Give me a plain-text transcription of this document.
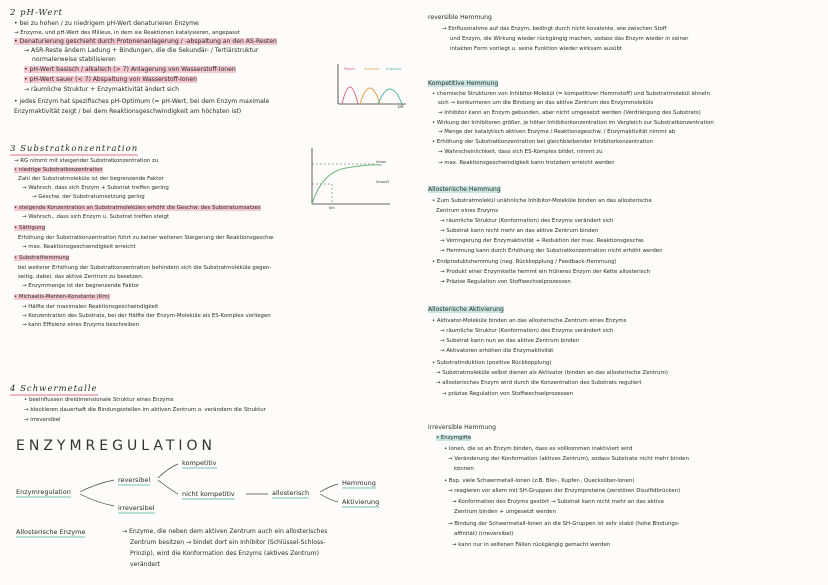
2 pH-Wert
• bei zu hohen / zu niedrigem pH-Wert denaturieren Enzyme
→ Enzyme, und pH-Wert des Milieus, in dem sie Reaktionen katalysieren, angepasst
• Denaturierung geschieht durch Protonenanlagerung / -abspaltung an den AS-Resten
→ ASR-Reste ändern Ladung + Bindungen, die die Sekundär- / Tertiärstruktur
normalerweise stabilisieren
• pH-Wert basisch / alkalisch (> 7) Anlagerung von Wasserstoff-Ionen
• pH-Wert sauer (< 7) Abspaltung von Wasserstoff-Ionen
→ räumliche Struktur + Enzymaktivität ändert sich
• jedes Enzym hat spezifisches pH-Optimum (= pH-Wert, bei dem Enzym maximale
Enzymaktivität zeigt / bei dem Reaktionsgeschwindigkeit am höchsten ist)
Pepsin Amylase Arginase
pH
3 Substratkonzentration
→ RG nimmt mit steigender Substratkonzentration zu
• niedrige Substratkonzentration
Zahl der Substratmoleküle ist der begrenzende Faktor
→ Wahrsch. dass sich Enzym + Substrat treffen gering
→ Geschw. der Substratumsetzung gering
• steigende Konzentration an Substratmolekülen erhöht die Geschw. des Substratumsatzes
→ Wahrsch., dass sich Enzym u. Substrat treffen steigt
• Sättigung
Erhöhung der Substratkonzentration führt zu keiner weiteren Steigerung der Reaktionsgeschw.
→ max. Reaktionsgeschwindigkeit erreicht
• Substrathemmung
bei weiterer Erhöhung der Substratkonzentration behindern sich die Substratmoleküle gegen-
seitig, dabei, das aktive Zentrum zu besetzen.
→ Enzymmenge ist der begrenzende Faktor
• Michaelis-Menten-Konstante (Km)
→ Hälfte der maximalen Reaktionsgeschwindigkeit
→ Konzentration des Substrats, bei der Hälfte der Enzym-Moleküle als ES-Komplex vorliegen
→ kann Effizienz eines Enzyms beschreiben
Vmax
Vmax/2
Km
4 Schwermetalle
• beeinflussen dreidimensionale Struktur eines Enzyms
→ blockieren dauerhaft die Bindungsstellen im aktiven Zentrum o. verändern die Struktur
→ irreversibel
ENZYMREGULATION
Enzymregulation
reversibel
irreversibel
kompetitiv
nicht kompetitiv	allosterisch
Hemmung
Aktivierung
Allosterische Enzyme	→ Enzyme, die neben dem aktiven Zentrum auch ein allosterisches
Zentrum besitzen → bindet dort ein Inhibitor (Schlüssel-Schloss-
Prinzip), wird die Konformation des Enzyms (aktives Zentrum)
verändert
reversible Hemmung
→ Einflussnahme auf das Enzym, bedingt durch nicht kovalente, wie zwischen Stoff
und Enzym, die Wirkung wieder rückgängig machen, sodass das Enzym wieder in seiner
intakten Form vorliegt u. seine Funktion wieder wirksam ausübt
Kompetitive Hemmung
• chemische Strukturen von Inhibitor-Molekül (= kompetitiver Hemmstoff) und Substratmolekül ähneln
sich → konkurrieren um die Bindung an das aktive Zentrum des Enzymmoleküls
→ Inhibitor kann an Enzym gebunden, aber nicht umgesetzt werden (Verdrängung des Substrats)
• Wirkung der Inhibitoren größer, je höher Inhibitorkonzentration im Vergleich zur Substratkonzentration
→ Menge der katalytisch aktiven Enzyme / Reaktionsgeschw. / Enzymaktivität nimmt ab
• Erhöhung der Substratkonzentration bei gleichbleibender Inhibitorkonzentration
→ Wahrscheinlichkeit, dass sich ES-Komplex bildet, nimmt zu
→ max. Reaktionsgeschwindigkeit kann trotzdem erreicht werden
Allosterische Hemmung
• Zum Substratmolekül unähnliche Inhibitor-Moleküle binden an das allosterische
Zentrum eines Enzyms
→ räumliche Struktur (Konformation) des Enzyms verändert sich
→ Substrat kann nicht mehr an das aktive Zentrum binden
→ Verringerung der Enzymaktivität + Reduktion der max. Reaktionsgeschw.
→ Hemmung kann durch Erhöhung der Substratkonzentration nicht erhöht werden
• Endproduktshemmung (neg. Rückkopplung / Feedback-Hemmung)
→ Produkt einer Enzymkette hemmt ein früheres Enzym der Kette allosterisch
→ Präzise Regulation von Stoffwechselprozessen
Allosterische Aktivierung
• Aktivator-Moleküle binden an das allosterische Zentrum eines Enzyms
→ räumliche Struktur (Konformation) des Enzyms verändert sich
→ Substrat kann nun an das aktive Zentrum binden
→ Aktivatoren erhöhen die Enzymaktivität
• Substratinduktion (positive Rückkopplung)
→ Substratmoleküle selbst dienen als Aktivator (binden an das allosterische Zentrum)
→ allosterisches Enzym wird durch die Konzentration des Substrats reguliert
→ präzise Regulation von Stoffwechselprozessen
irreversible Hemmung
• Enzymgifte
• Ionen, die so an Enzym binden, dass es vollkommen inaktiviert wird
→ Veränderung der Konformation (aktives Zentrum), sodass Substrate nicht mehr binden
können
• Bsp. viele Schwermetall-Ionen (z.B. Blei-, Kupfer-, Quecksilber-Ionen)
→ reagieren vor allem mit SH-Gruppen der Enzymproteine (zerstören Disulfidbrücken)
→ Konformation des Enzyms gestört → Substrat kann nicht mehr an das aktive
Zentrum binden + umgesetzt werden
→ Bindung der Schwermetall-Ionen an die SH-Gruppen ist sehr stabil (hohe Bindungs-
affinität) (irreversibel)
→ kann nur in seltenen Fällen rückgängig gemacht werden
